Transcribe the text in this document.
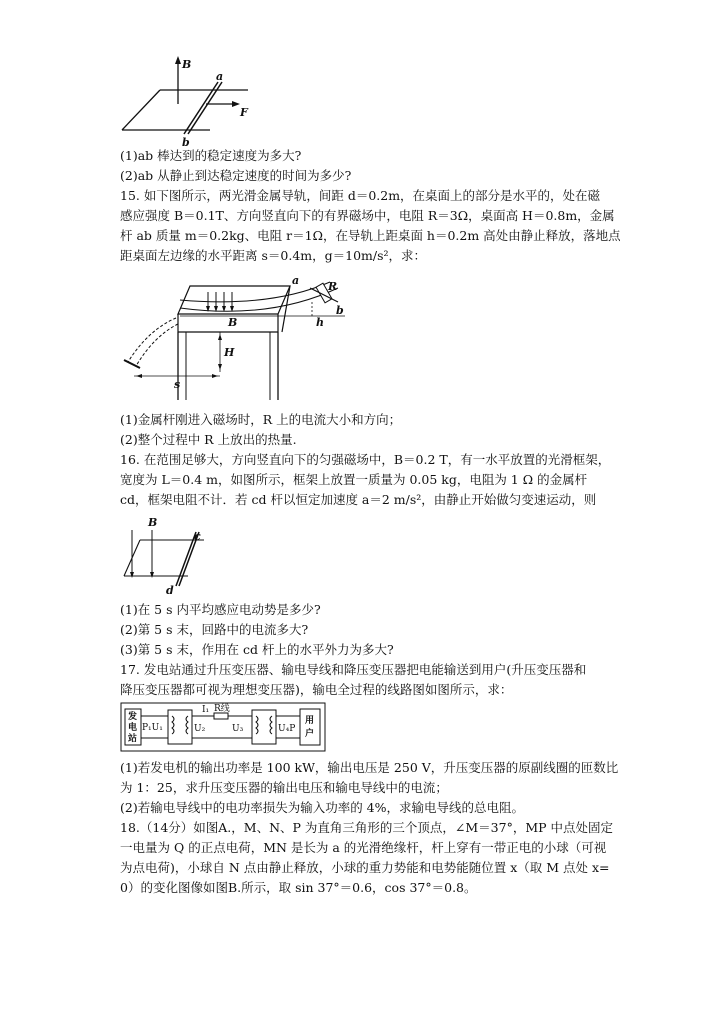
B
a
F
b
(1)ab 棒达到的稳定速度为多大?
(2)ab 从静止到达稳定速度的时间为多少?
15. 如下图所示，两光滑金属导轨，间距 d＝0.2m，在桌面上的部分是水平的，处在磁
感应强度 B＝0.1T、方向竖直向下的有界磁场中，电阻 R＝3Ω，桌面高 H＝0.8m，金属
杆 ab 质量 m＝0.2kg、电阻 r＝1Ω，在导轨上距桌面 h＝0.2m 高处由静止释放，落地点
距桌面左边缘的水平距离 s＝0.4m，g＝10m/s²，求：
a	R
b
B	h
H
s
(1)金属杆刚进入磁场时，R 上的电流大小和方向；
(2)整个过程中 R 上放出的热量.
16. 在范围足够大，方向竖直向下的匀强磁场中，B＝0.2 T，有一水平放置的光滑框架，
宽度为 L＝0.4 m，如图所示，框架上放置一质量为 0.05 kg，电阻为 1 Ω 的金属杆
cd，框架电阻不计．若 cd 杆以恒定加速度 a＝2 m/s²，由静止开始做匀变速运动，则
B
c
d
(1)在 5 s 内平均感应电动势是多少?
(2)第 5 s 末，回路中的电流多大?
(3)第 5 s 末，作用在 cd 杆上的水平外力为多大?
17. 发电站通过升压变压器、输电导线和降压变压器把电能输送到用户(升压变压器和
降压变压器都可视为理想变压器)，输电全过程的线路图如图所示，求：
发
电
站
用
户
I₁ R线
P₁U₁	U₂	U₃	U₄P
(1)若发电机的输出功率是 100 kW，输出电压是 250 V，升压变压器的原副线圈的匝数比
为 1：25，求升压变压器的输出电压和输电导线中的电流；
(2)若输电导线中的电功率损失为输入功率的 4%，求输电导线的总电阻。
18.（14分）如图A.，M、N、P 为直角三角形的三个顶点，∠M＝37°，MP 中点处固定
一电量为 Q 的正点电荷，MN 是长为 a 的光滑绝缘杆，杆上穿有一带正电的小球（可视
为点电荷)，小球自 N 点由静止释放，小球的重力势能和电势能随位置 x（取 M 点处 x=
0）的变化图像如图B.所示，取 sin 37°＝0.6，cos 37°＝0.8。
